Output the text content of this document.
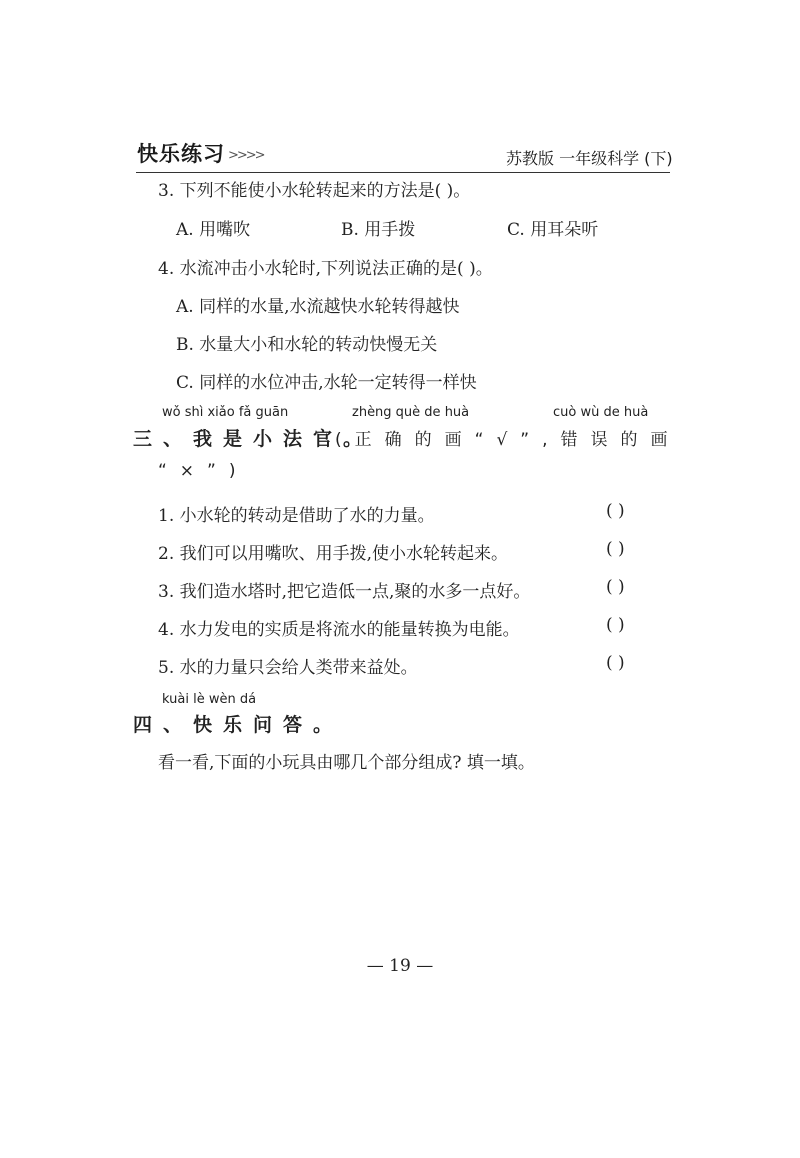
快乐练习 >>>>	苏教版 一年级科学 (下)
3. 下列不能使小水轮转起来的方法是( )。
A. 用嘴吹	B. 用手拨	C. 用耳朵听
4. 水流冲击小水轮时,下列说法正确的是( )。
A. 同样的水量,水流越快水轮转得越快
B. 水量大小和水轮的转动快慢无关
C. 同样的水位冲击,水轮一定转得一样快
wǒ shì xiǎo fǎ guān	zhèng què de huà	cuò wù de huà
三、我是小法官。
(正确的画“√”,错误的画
“×”)
1. 小水轮的转动是借助了水的力量。	( )
2. 我们可以用嘴吹、用手拨,使小水轮转起来。	( )
3. 我们造水塔时,把它造低一点,聚的水多一点好。	( )
4. 水力发电的实质是将流水的能量转换为电能。	( )
5. 水的力量只会给人类带来益处。	( )
kuài lè wèn dá
四、快乐问答。
看一看,下面的小玩具由哪几个部分组成? 填一填。
— 19 —
